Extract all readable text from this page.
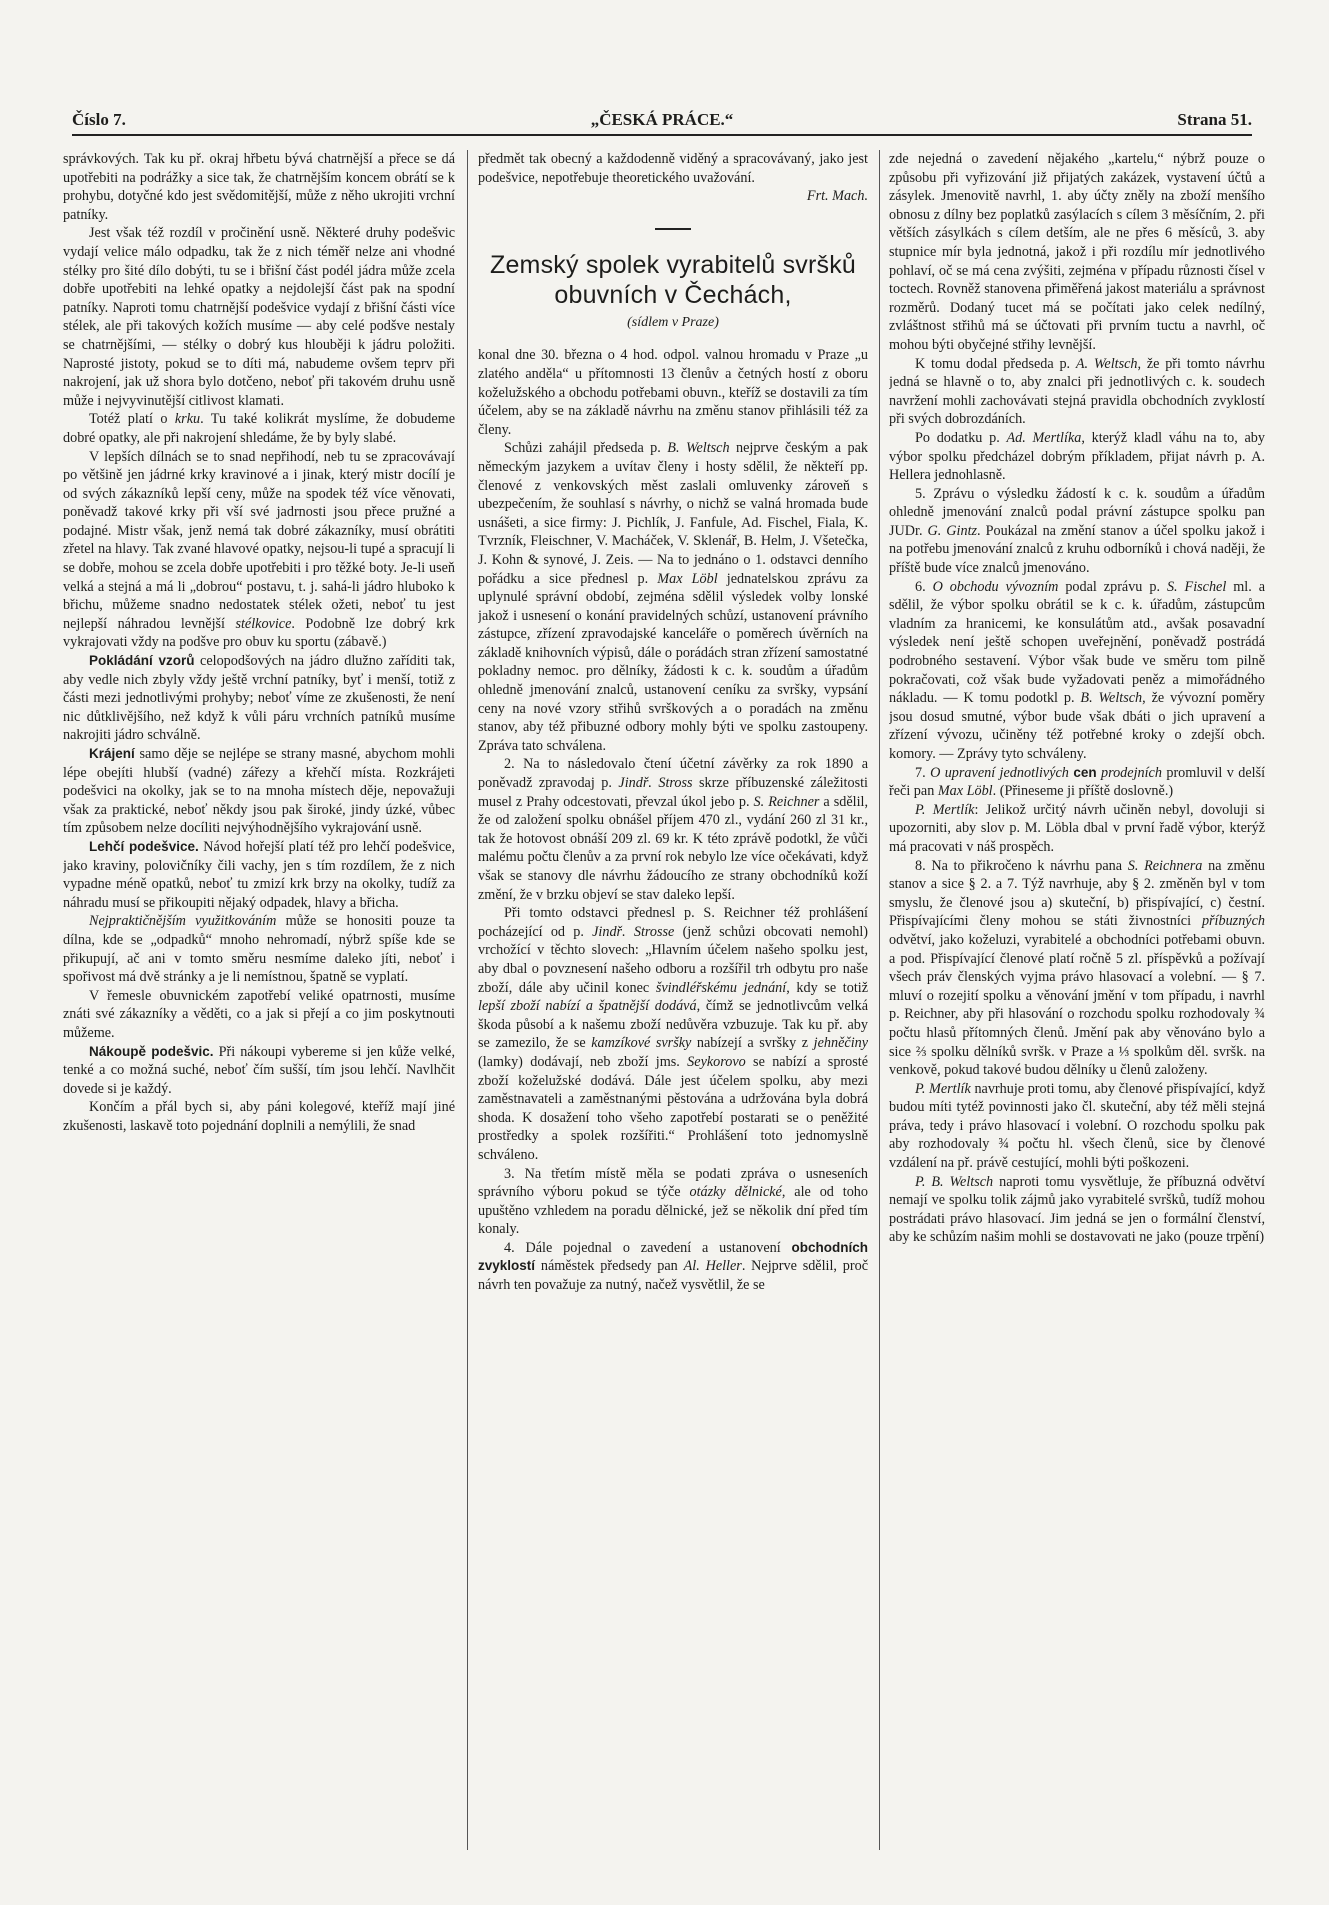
Číslo 7.	„ČESKÁ PRÁCE.“	Strana 51.

správkových. Tak ku př. okraj hřbetu bývá chatrnější a přece se dá upotřebiti na podrážky a sice tak, že chatrnějším koncem obrátí se k prohybu, dotyčné kdo jest svědomitější, může z něho ukrojiti vrchní patníky.

Jest však též rozdíl v pročinění usně. Některé druhy podešvic vydají velice málo odpadku, tak že z nich téměř nelze ani vhodné stélky pro šité dílo dobýti, tu se i břišní část podél jádra může zcela dobře upotřebiti na lehké opatky a nejdolejší část pak na spodní patníky. Naproti tomu chatrnější podešvice vydají z břišní části více stélek, ale při takových kožích musíme — aby celé podšve nestaly se chatrnějšími, — stélky o dobrý kus hlouběji k jádru položiti. Naprosté jistoty, pokud se to díti má, nabudeme ovšem teprv při nakrojení, jak už shora bylo dotčeno, neboť při takovém druhu usně může i nejvyvinutější citlivost klamati.

Totéž platí o krku. Tu také kolikrát myslíme, že dobudeme dobré opatky, ale při nakrojení shledáme, že by byly slabé.

V lepších dílnách se to snad nepřihodí, neb tu se zpracovávají po většině jen jádrné krky kravinové a i jinak, který mistr docílí je od svých zákazníků lepší ceny, může na spodek též více věnovati, poněvadž takové krky při vší své jadrnosti jsou přece pružné a podajné. Mistr však, jenž nemá tak dobré zákazníky, musí obrátiti zřetel na hlavy. Tak zvané hlavové opatky, nejsou-li tupé a spracují li se dobře, mohou se zcela dobře upotřebiti i pro těžké boty. Je-li useň velká a stejná a má li „dobrou“ postavu, t. j. sahá-li jádro hluboko k břichu, můžeme snadno nedostatek stélek ožeti, neboť tu jest nejlepší náhradou levnější stélkovice. Podobně lze dobrý krk vykrajovati vždy na podšve pro obuv ku sportu (zábavě.)

Pokládání vzorů celopodšových na jádro dlužno zaříditi tak, aby vedle nich zbyly vždy ještě vrchní patníky, byť i menší, totiž z části mezi jednotlivými prohyby; neboť víme ze zkušenosti, že není nic důtklivějšího, než když k vůli páru vrchních patníků musíme nakrojiti jádro schválně.

Krájení samo děje se nejlépe se strany masné, abychom mohli lépe obejíti hlubší (vadné) zářezy a křehčí místa. Rozkrájeti podešvici na okolky, jak se to na mnoha místech děje, nepovažuji však za praktické, neboť někdy jsou pak široké, jindy úzké, vůbec tím způsobem nelze docíliti nejvýhodnějšího vykrajování usně.

Lehčí podešvice. Návod hořejší platí též pro lehčí podešvice, jako kraviny, polovičníky čili vachy, jen s tím rozdílem, že z nich vypadne méně opatků, neboť tu zmizí krk brzy na okolky, tudíž za náhradu musí se přikoupiti nějaký odpadek, hlavy a břicha.

Nejpraktičnějším využitkováním může se honositi pouze ta dílna, kde se „odpadků“ mnoho nehromadí, nýbrž spíše kde se přikupují, ač ani v tomto směru nesmíme daleko jíti, neboť i spořivost má dvě stránky a je li nemístnou, špatně se vyplatí.

V řemesle obuvnickém zapotřebí veliké opatrnosti, musíme znáti své zákazníky a věděti, co a jak si přejí a co jim poskytnouti můžeme.

Nákoupě podešvic. Při nákoupi vybereme si jen kůže velké, tenké a co možná suché, neboť čím sušší, tím jsou lehčí. Navlhčit dovede si je každý.

Končím a přál bych si, aby páni kolegové, kteříž mají jiné zkušenosti, laskavě toto pojednání doplnili a nemýlili, že snad

předmět tak obecný a každodenně viděný a spracovávaný, jako jest podešvice, nepotřebuje theoretického uvažování.

Frt. Mach.

Zemský spolek vyrabitelů svršků obuvních v Čechách,
(sídlem v Praze)

konal dne 30. března o 4 hod. odpol. valnou hromadu v Praze „u zlatého anděla“ u přítomnosti 13 členův a četných hostí z oboru koželužského a obchodu potřebami obuvn., kteříž se dostavili za tím účelem, aby se na základě návrhu na změnu stanov přihlásili též za členy.

Schůzi zahájil předseda p. B. Weltsch nejprve českým a pak německým jazykem a uvítav členy i hosty sdělil, že někteří pp. členové z venkovských měst zaslali omluvenky zároveň s ubezpečením, že souhlasí s návrhy, o nichž se valná hromada bude usnášeti, a sice firmy: J. Pichlík, J. Fanfule, Ad. Fischel, Fiala, K. Tvrzník, Fleischner, V. Macháček, V. Sklenář, B. Helm, J. Všetečka, J. Kohn & synové, J. Zeis. — Na to jednáno o 1. odstavci denního pořádku a sice přednesl p. Max Löbl jednatelskou zprávu za uplynulé správní období, zejména sdělil výsledek volby lonské jakož i usnesení o konání pravidelných schůzí, ustanovení právního zástupce, zřízení zpravodajské kanceláře o poměrech úvěrních na základě knihovních výpisů, dále o porádách stran zřízení samostatné pokladny nemoc. pro dělníky, žádosti k c. k. soudům a úřadům ohledně jmenování znalců, ustanovení ceníku za svršky, vypsání ceny na nové vzory střihů svrškových a o poradách na změnu stanov, aby též přibuzné odbory mohly býti ve spolku zastoupeny. Zpráva tato schválena.

2. Na to následovalo čtení účetní závěrky za rok 1890 a poněvadž zpravodaj p. Jindř. Stross skrze příbuzenské záležitosti musel z Prahy odcestovati, převzal úkol jebo p. S. Reichner a sdělil, že od založení spolku obnášel příjem 470 zl., vydání 260 zl 31 kr., tak že hotovost obnáší 209 zl. 69 kr. K této zprávě podotkl, že vůči malému počtu členův a za první rok nebylo lze více očekávati, když však se stanovy dle návrhu žádoucího ze strany obchodníků koží změní, že v brzku objeví se stav daleko lepší.

Při tomto odstavci přednesl p. S. Reichner též prohlášení pocházející od p. Jindř. Strosse (jenž schůzi obcovati nemohl) vrchožící v těchto slovech: „Hlavním účelem našeho spolku jest, aby dbal o povznesení našeho odboru a rozšířil trh odbytu pro naše zboží, dále aby učinil konec švindléřskému jednání, kdy se totiž lepší zboží nabízí a špatnější dodává, čímž se jednotlivcům velká škoda působí a k našemu zboží nedůvěra vzbuzuje. Tak ku př. aby se zamezilo, že se kamzíkové svršky nabízejí a svršky z jehněčiny (lamky) dodávají, neb zboží jms. Seykorovo se nabízí a sprosté zboží koželužské dodává. Dále jest účelem spolku, aby mezi zaměstnavateli a zaměstnanými pěstována a udržována byla dobrá shoda. K dosažení toho všeho zapotřebí postarati se o peněžité prostředky a spolek rozšířiti.“ Prohlášení toto jednomyslně schváleno.

3. Na třetím místě měla se podati zpráva o usneseních správního výboru pokud se týče otázky dělnické, ale od toho upuštěno vzhledem na poradu dělnické, jež se několik dní před tím konaly.

4. Dále pojednal o zavedení a ustanovení obchodních zvyklostí náměstek předsedy pan Al. Heller. Nejprve sdělil, proč návrh ten považuje za nutný, načež vysvětlil, že se

zde nejedná o zavedení nějakého „kartelu,“ nýbrž pouze o způsobu při vyřizování již přijatých zakázek, vystavení účtů a zásylek. Jmenovitě navrhl, 1. aby účty zněly na zboží menšího obnosu z dílny bez poplatků zasýlacích s cílem 3 měsíčním, 2. při větších zásylkách s cílem detším, ale ne přes 6 měsíců, 3. aby stupnice mír byla jednotná, jakož i při rozdílu mír jednotlivého pohlaví, oč se má cena zvýšiti, zejména v případu různosti čísel v toctech. Rovněž stanovena přiměřená jakost materiálu a správnost rozměrů. Dodaný tucet má se počítati jako celek nedílný, zvláštnost střihů má se účtovati při prvním tuctu a navrhl, oč mohou býti obyčejné střihy levnější.

K tomu dodal předseda p. A. Weltsch, že při tomto návrhu jedná se hlavně o to, aby znalci při jednotlivých c. k. soudech navržení mohli zachovávati stejná pravidla obchodních zvyklostí při svých dobrozdáních.

Po dodatku p. Ad. Mertlíka, kterýž kladl váhu na to, aby výbor spolku předcházel dobrým příkladem, přijat návrh p. A. Hellera jednohlasně.

5. Zprávu o výsledku žádostí k c. k. soudům a úřadům ohledně jmenování znalců podal právní zástupce spolku pan JUDr. G. Gintz. Poukázal na změní stanov a účel spolku jakož i na potřebu jmenování znalců z kruhu odborníků i chová naději, že příště bude více znalců jmenováno.

6. O obchodu vývozním podal zprávu p. S. Fischel ml. a sdělil, že výbor spolku obrátil se k c. k. úřadům, zástupcům vladním za hranicemi, ke konsulátům atd., avšak posavadní výsledek není ještě schopen uveřejnění, poněvadž postrádá podrobného sestavení. Výbor však bude ve směru tom pilně pokračovati, což však bude vyžadovati peněz a mimořádného nákladu. — K tomu podotkl p. B. Weltsch, že vývozní poměry jsou dosud smutné, výbor bude však dbáti o jich upravení a zřízení vývozu, učiněny též potřebné kroky o zdejší obch. komory. — Zprávy tyto schváleny.

7. O upravení jednotlivých cen prodejních promluvil v delší řeči pan Max Löbl. (Přineseme ji příště doslovně.)

P. Mertlík: Jelikož určitý návrh učiněn nebyl, dovoluji si upozorniti, aby slov p. M. Löbla dbal v první řadě výbor, kterýž má pracovati v náš prospěch.

8. Na to přikročeno k návrhu pana S. Reichnera na změnu stanov a sice § 2. a 7. Týž navrhuje, aby § 2. změněn byl v tom smyslu, že členové jsou a) skuteční, b) přispívající, c) čestní. Přispívajícími členy mohou se státi živnostníci příbuzných odvětví, jako koželuzi, vyrabitelé a obchodníci potřebami obuvn. a pod. Přispívající členové platí ročně 5 zl. příspěvků a požívají všech práv členských vyjma právo hlasovací a volební. — § 7. mluví o rozejití spolku a věnování jmění v tom případu, i navrhl p. Reichner, aby při hlasování o rozchodu spolku rozhodovaly ¾ počtu hlasů přítomných členů. Jmění pak aby věnováno bylo a sice ⅔ spolku dělníků svršk. v Praze a ⅓ spolkům děl. svršk. na venkově, pokud takové budou dělníky u členů založeny.

P. Mertlík navrhuje proti tomu, aby členové přispívající, když budou míti tytéž povinnosti jako čl. skuteční, aby též měli stejná práva, tedy i právo hlasovací i volební. O rozchodu spolku pak aby rozhodovaly ¾ počtu hl. všech členů, sice by členové vzdálení na př. právě cestující, mohli býti poškozeni.

P. B. Weltsch naproti tomu vysvětluje, že příbuzná odvětví nemají ve spolku tolik zájmů jako vyrabitelé svršků, tudíž mohou postrádati právo hlasovací. Jim jedná se jen o formální členství, aby ke schůzím našim mohli se dostavovati ne jako (pouze trpění)
